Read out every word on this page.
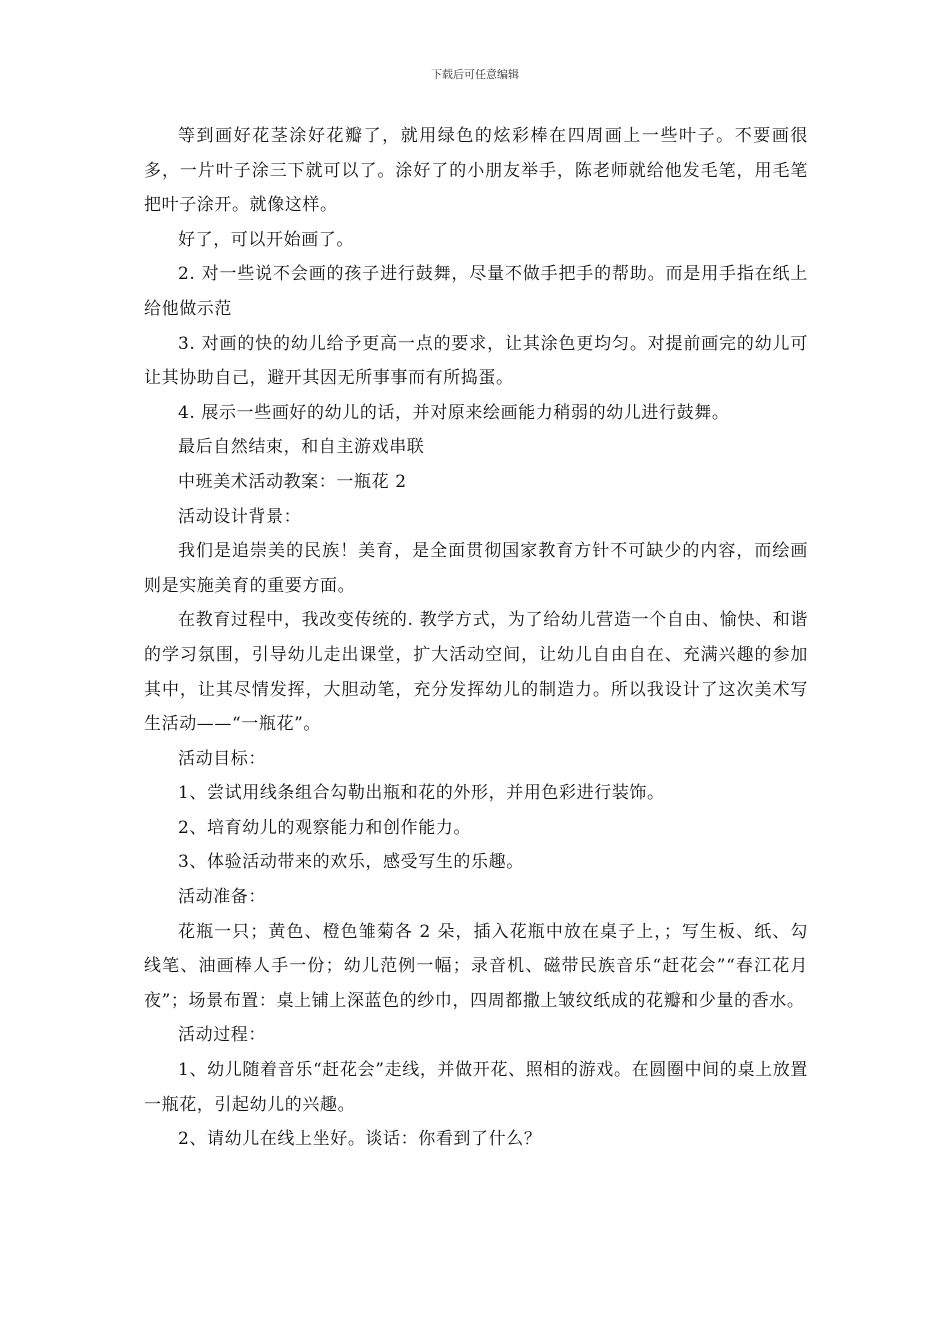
下载后可任意编辑

等到画好花茎涂好花瓣了，就用绿色的炫彩棒在四周画上一些叶子。不要画很多，一片叶子涂三下就可以了。涂好了的小朋友举手，陈老师就给他发毛笔，用毛笔把叶子涂开。就像这样。

好了，可以开始画了。

2. 对一些说不会画的孩子进行鼓舞，尽量不做手把手的帮助。而是用手指在纸上给他做示范

3. 对画的快的幼儿给予更高一点的要求，让其涂色更均匀。对提前画完的幼儿可让其协助自己，避开其因无所事事而有所捣蛋。

4. 展示一些画好的幼儿的话，并对原来绘画能力稍弱的幼儿进行鼓舞。

最后自然结束，和自主游戏串联

中班美术活动教案：一瓶花 2

活动设计背景：

我们是追崇美的民族！美育，是全面贯彻国家教育方针不可缺少的内容，而绘画则是实施美育的重要方面。

在教育过程中，我改变传统的. 教学方式，为了给幼儿营造一个自由、愉快、和谐的学习氛围，引导幼儿走出课堂，扩大活动空间，让幼儿自由自在、充满兴趣的参加其中，让其尽情发挥，大胆动笔，充分发挥幼儿的制造力。所以我设计了这次美术写生活动——“一瓶花”。

活动目标：

1、尝试用线条组合勾勒出瓶和花的外形，并用色彩进行装饰。

2、培育幼儿的观察能力和创作能力。

3、体验活动带来的欢乐，感受写生的乐趣。

活动准备：

花瓶一只；黄色、橙色雏菊各 2 朵，插入花瓶中放在桌子上，；写生板、纸、勾线笔、油画棒人手一份；幼儿范例一幅；录音机、磁带民族音乐“赶花会”“春江花月夜”；场景布置：桌上铺上深蓝色的纱巾，四周都撒上皱纹纸成的花瓣和少量的香水。

活动过程：

1、幼儿随着音乐“赶花会”走线，并做开花、照相的游戏。在圆圈中间的桌上放置一瓶花，引起幼儿的兴趣。

2、请幼儿在线上坐好。谈话：你看到了什么？
